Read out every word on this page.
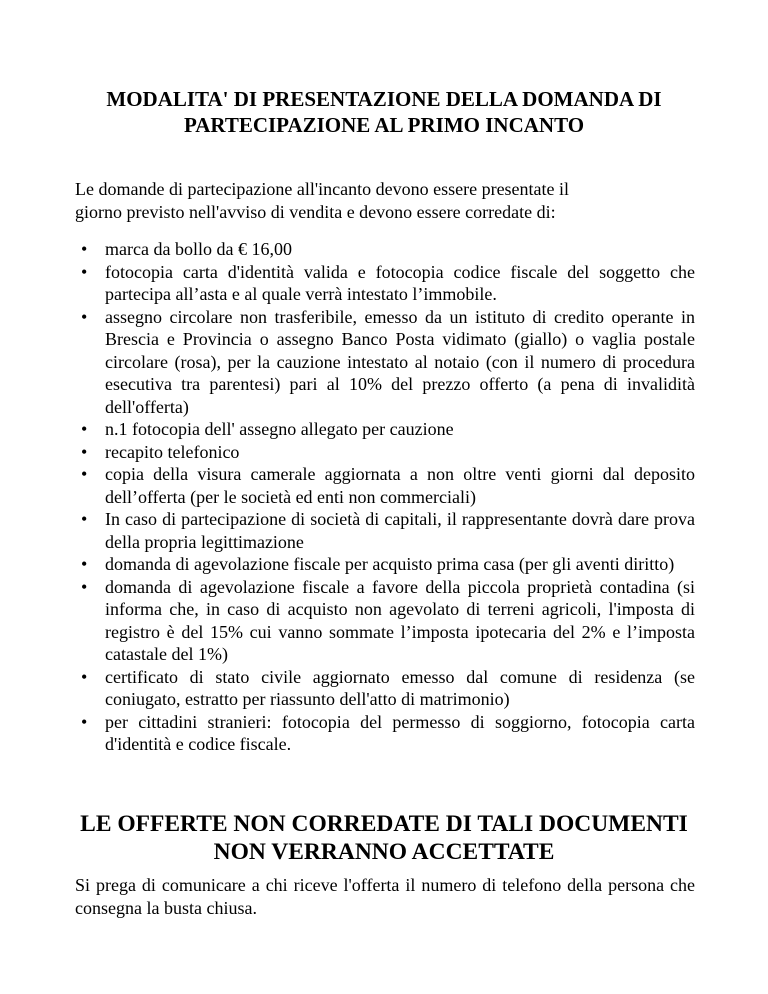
MODALITA' DI PRESENTAZIONE DELLA DOMANDA DI
PARTECIPAZIONE AL PRIMO INCANTO

Le domande di partecipazione all'incanto devono essere presentate il
giorno previsto nell'avviso di vendita e devono essere corredate di:

• marca da bollo da € 16,00
• fotocopia carta d'identità valida e fotocopia codice fiscale del soggetto che partecipa all’asta e al quale verrà intestato l’immobile.
• assegno circolare non trasferibile, emesso da un istituto di credito operante in Brescia e Provincia o assegno Banco Posta vidimato (giallo) o vaglia postale circolare (rosa), per la cauzione intestato al notaio (con il numero di procedura esecutiva tra parentesi) pari al 10% del prezzo offerto (a pena di invalidità dell'offerta)
• n.1 fotocopia dell' assegno allegato per cauzione
• recapito telefonico
• copia della visura camerale aggiornata a non oltre venti giorni dal deposito dell’offerta (per le società ed enti non commerciali)
• In caso di partecipazione di società di capitali, il rappresentante dovrà dare prova della propria legittimazione
• domanda di agevolazione fiscale per acquisto prima casa (per gli aventi diritto)
• domanda di agevolazione fiscale a favore della piccola proprietà contadina (si informa che, in caso di acquisto non agevolato di terreni agricoli, l'imposta di registro è del 15% cui vanno sommate l’imposta ipotecaria del 2% e l’imposta catastale del 1%)
• certificato di stato civile aggiornato emesso dal comune di residenza (se coniugato, estratto per riassunto dell'atto di matrimonio)
• per cittadini stranieri: fotocopia del permesso di soggiorno, fotocopia carta d'identità e codice fiscale.
LE OFFERTE NON CORREDATE DI TALI DOCUMENTI
NON VERRANNO ACCETTATE

Si prega di comunicare a chi riceve l'offerta il numero di telefono della persona che consegna la busta chiusa.
